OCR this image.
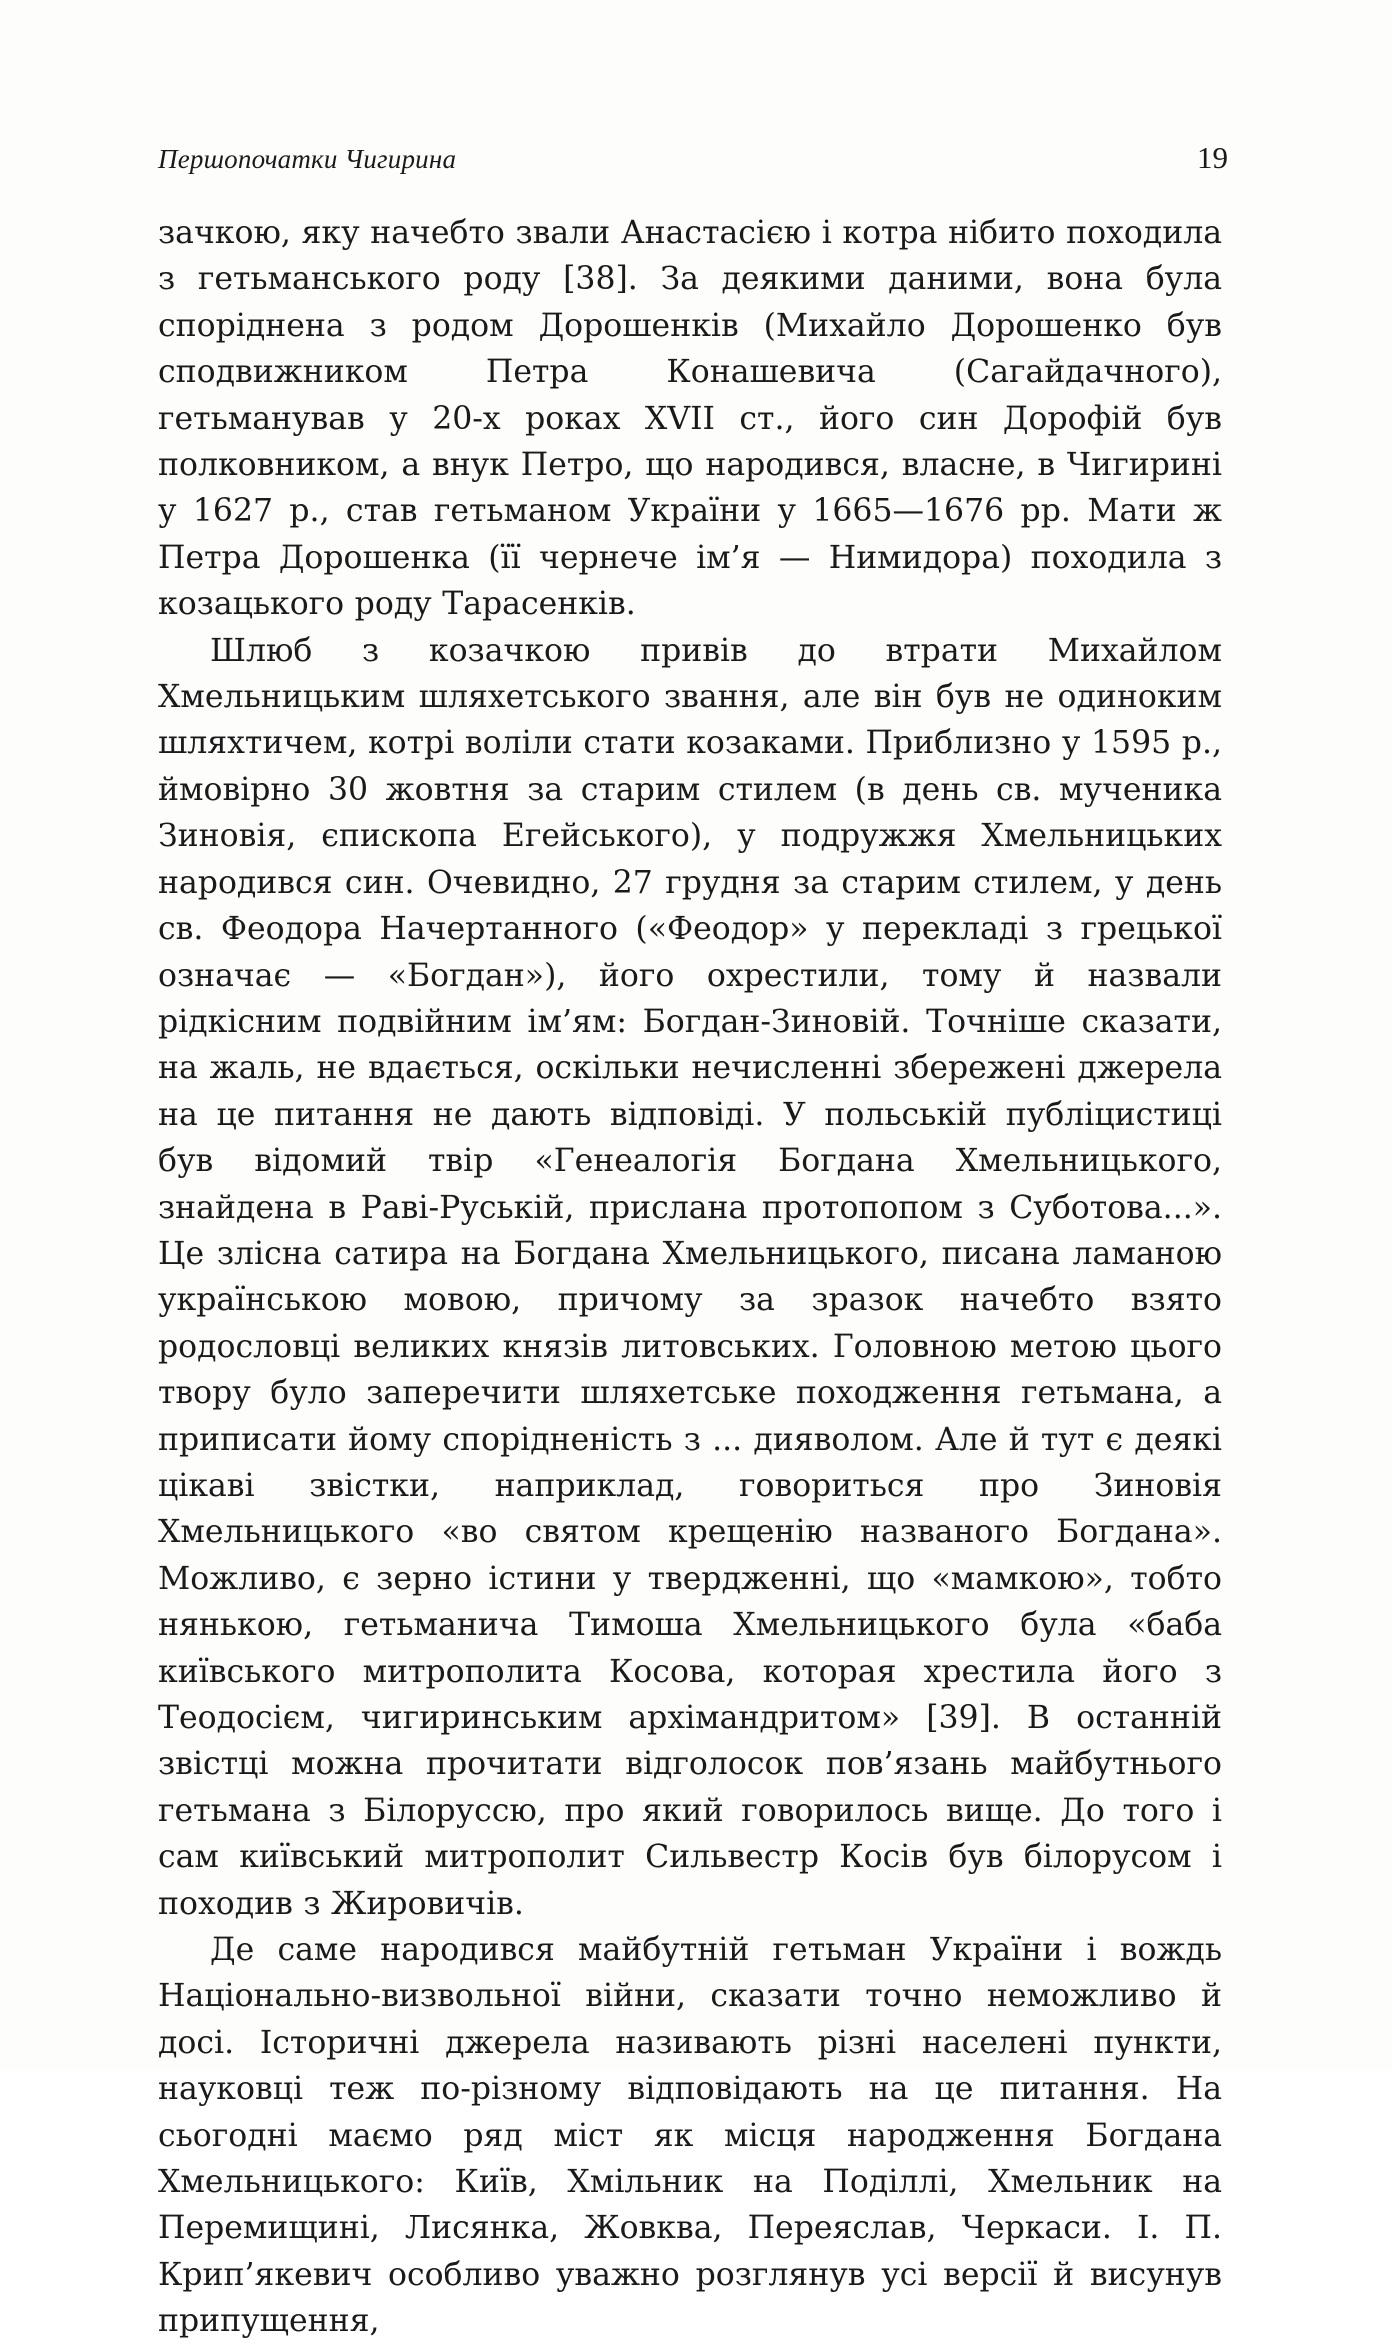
Першопочатки Чигирина	19

зачкою, яку начебто звали Анастасією і котра нібито походила з гетьманського роду [38]. За деякими даними, вона була споріднена з родом Дорошенків (Михайло Дорошенко був сподвижником Петра Конашевича (Сагайдачного), гетьманував у 20-х роках XVII ст., його син Дорофій був полковником, а внук Петро, що народився, власне, в Чигирині у 1627 р., став гетьманом України у 1665—1676 рр. Мати ж Петра Дорошенка (її чернече ім’я — Нимидора) походила з козацького роду Тарасенків.

Шлюб з козачкою привів до втрати Михайлом Хмельницьким шляхетського звання, але він був не одиноким шляхтичем, котрі воліли стати козаками. Приблизно у 1595 р., ймовірно 30 жовтня за старим стилем (в день св. мученика Зиновія, єпископа Егейського), у подружжя Хмельницьких народився син. Очевидно, 27 грудня за старим стилем, у день св. Феодора Начертанного («Феодор» у перекладі з грецької означає — «Богдан»), його охрестили, тому й назвали рідкісним подвійним ім’ям: Богдан-Зиновій. Точніше сказати, на жаль, не вдається, оскільки нечисленні збережені джерела на це питання не дають відповіді. У польській публіцистиці був відомий твір «Генеалогія Богдана Хмельницького, знайдена в Раві-Руській, прислана протопопом з Суботова...». Це злісна сатира на Богдана Хмельницького, писана ламаною українською мовою, причому за зразок начебто взято родословці великих князів литовських. Головною метою цього твору було заперечити шляхетське походження гетьмана, а приписати йому спорідненість з ... дияволом. Але й тут є деякі цікаві звістки, наприклад, говориться про Зиновія Хмельницького «во святом крещенію названого Богдана». Можливо, є зерно істини у твердженні, що «мамкою», тобто нянькою, гетьманича Тимоша Хмельницького була «баба київського митрополита Косова, котоpая хрестила його з Теодосієм, чигиринським архімандритом» [39]. В останній звістці можна прочитати відголосок пов’язань майбутнього гетьмана з Білоруссю, про який говорилось вище. До того і сам київський митрополит Сильвестр Косів був білорусом і походив з Жировичів.

Де саме народився майбутній гетьман України і вождь Національно-визвольної війни, сказати точно неможливо й досі. Історичні джерела називають різні населені пункти, науковці теж по-різному відповідають на це питання. На сьогодні маємо ряд міст як місця народження Богдана Хмельницького: Київ, Хмільник на Поділлі, Хмельник на Перемищині, Лисянка, Жовква, Переяслав, Черкаси. І. П. Крип’якевич особливо уважно розглянув усі версії й висунув припущення,
